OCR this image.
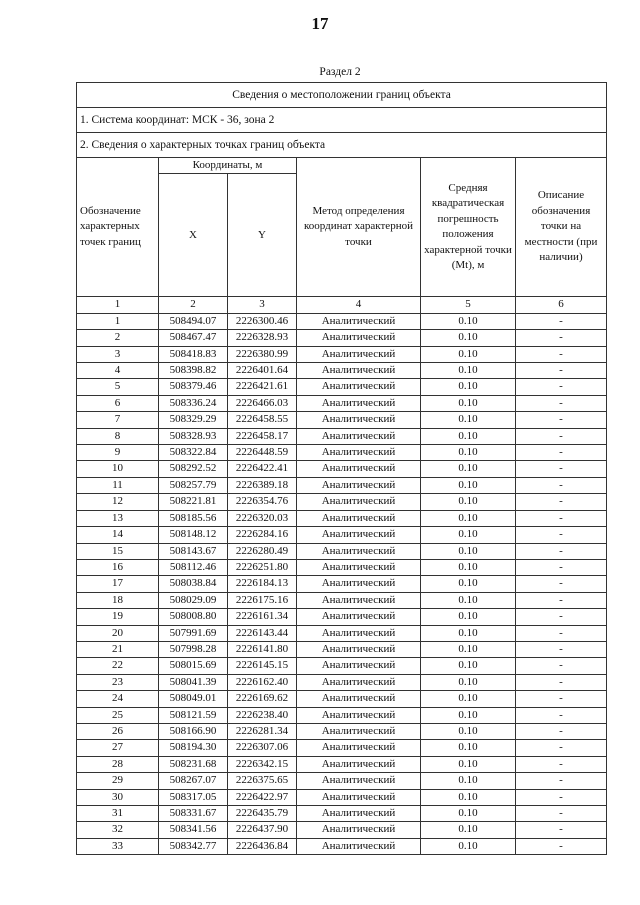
17
Раздел 2
Сведения о местоположении границ объекта					
1. Система координат: МСК - 36, зона 2					
2. Сведения о характерных точках границ объекта					
Обозначение характерных точек границ	Координаты, м		Метод определения координат характерной точки	Средняя квадратическая погрешность положения характерной точки (Mt), м	Описание обозначения точки на местности (при наличии)
	X	Y			
1	2	3	4	5	6
1	508494.07	2226300.46	Аналитический	0.10	-
2	508467.47	2226328.93	Аналитический	0.10	-
3	508418.83	2226380.99	Аналитический	0.10	-
4	508398.82	2226401.64	Аналитический	0.10	-
5	508379.46	2226421.61	Аналитический	0.10	-
6	508336.24	2226466.03	Аналитический	0.10	-
7	508329.29	2226458.55	Аналитический	0.10	-
8	508328.93	2226458.17	Аналитический	0.10	-
9	508322.84	2226448.59	Аналитический	0.10	-
10	508292.52	2226422.41	Аналитический	0.10	-
11	508257.79	2226389.18	Аналитический	0.10	-
12	508221.81	2226354.76	Аналитический	0.10	-
13	508185.56	2226320.03	Аналитический	0.10	-
14	508148.12	2226284.16	Аналитический	0.10	-
15	508143.67	2226280.49	Аналитический	0.10	-
16	508112.46	2226251.80	Аналитический	0.10	-
17	508038.84	2226184.13	Аналитический	0.10	-
18	508029.09	2226175.16	Аналитический	0.10	-
19	508008.80	2226161.34	Аналитический	0.10	-
20	507991.69	2226143.44	Аналитический	0.10	-
21	507998.28	2226141.80	Аналитический	0.10	-
22	508015.69	2226145.15	Аналитический	0.10	-
23	508041.39	2226162.40	Аналитический	0.10	-
24	508049.01	2226169.62	Аналитический	0.10	-
25	508121.59	2226238.40	Аналитический	0.10	-
26	508166.90	2226281.34	Аналитический	0.10	-
27	508194.30	2226307.06	Аналитический	0.10	-
28	508231.68	2226342.15	Аналитический	0.10	-
29	508267.07	2226375.65	Аналитический	0.10	-
30	508317.05	2226422.97	Аналитический	0.10	-
31	508331.67	2226435.79	Аналитический	0.10	-
32	508341.56	2226437.90	Аналитический	0.10	-
33	508342.77	2226436.84	Аналитический	0.10	-
